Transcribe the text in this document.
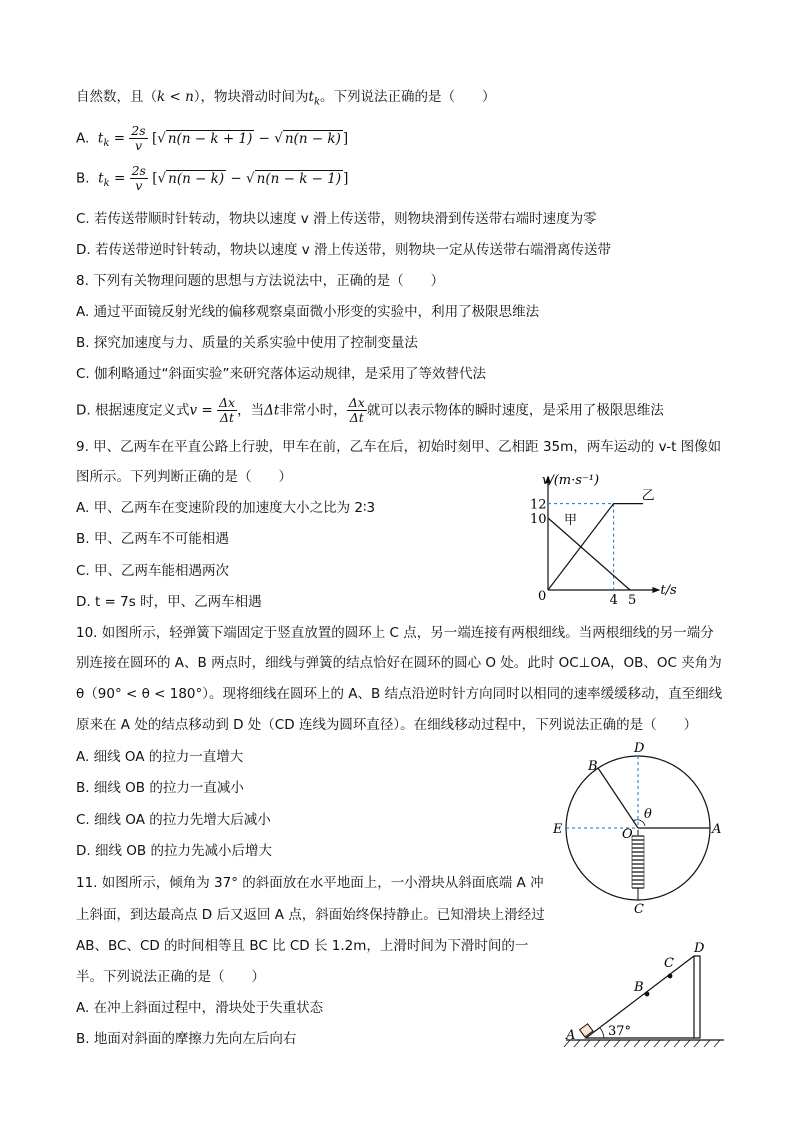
自然数，且（k < n），物块滑动时间为$t_k$。下列说法正确的是（　　）
A. $t_k = \frac{2s}{v}$ [√ n(n − k + 1) − √ n(n − k) ]
B. $t_k = \frac{2s}{v}$ [√ n(n − k) − √ n(n − k − 1) ]
C. 若传送带顺时针转动，物块以速度 v 滑上传送带，则物块滑到传送带右端时速度为零
D. 若传送带逆时针转动，物块以速度 v 滑上传送带，则物块一定从传送带右端滑离传送带
8. 下列有关物理问题的思想与方法说法中，正确的是（　　）
A. 通过平面镜反射光线的偏移观察桌面微小形变的实验中，利用了极限思维法
B. 探究加速度与力、质量的关系实验中使用了控制变量法
C. 伽利略通过“斜面实验”来研究落体运动规律，是采用了等效替代法
D. 根据速度定义式$v = \frac{\Delta x}{\Delta t}$ ，当Δt非常小时， $\frac{\Delta x}{\Delta t}$ 就可以表示物体的瞬时速度，是采用了极限思维法
9. 甲、乙两车在平直公路上行驶，甲车在前，乙车在后，初始时刻甲、乙相距 35m，两车运动的 v-t 图像如
图所示。下列判断正确的是（　　）
A. 甲、乙两车在变速阶段的加速度大小之比为 2∶3
B. 甲、乙两车不可能相遇
C. 甲、乙两车能相遇两次
D. t = 7s 时，甲、乙两车相遇
甲
乙
10
12
0	4 5
v/(m·s⁻¹)
t/s
10. 如图所示，轻弹簧下端固定于竖直放置的圆环上 C 点，另一端连接有两根细线。当两根细线的另一端分
别连接在圆环的 A、B 两点时，细线与弹簧的结点恰好在圆环的圆心 O 处。此时 OC⊥OA，OB、OC 夹角为
θ（90° < θ < 180°）。现将细线在圆环上的 A、B 结点沿逆时针方向同时以相同的速率缓缓移动，直至细线
原来在 A 处的结点移动到 D 处（CD 连线为圆环直径）。在细线移动过程中，下列说法正确的是（　　）
A. 细线 OA 的拉力一直增大
B. 细线 OB 的拉力一直减小
C. 细线 OA 的拉力先增大后减小
D. 细线 OB 的拉力先减小后增大
D
B
θ
E	O	A
C
11. 如图所示，倾角为 37° 的斜面放在水平地面上，一小滑块从斜面底端 A 冲
上斜面，到达最高点 D 后又返回 A 点，斜面始终保持静止。已知滑块上滑经过
AB、BC、CD 的时间相等且 BC 比 CD 长 1.2m，上滑时间为下滑时间的一
半。下列说法正确的是（　　）
A. 在冲上斜面过程中，滑块处于失重状态
B. 地面对斜面的摩擦力先向左后向右	A
B
C
D
37°
